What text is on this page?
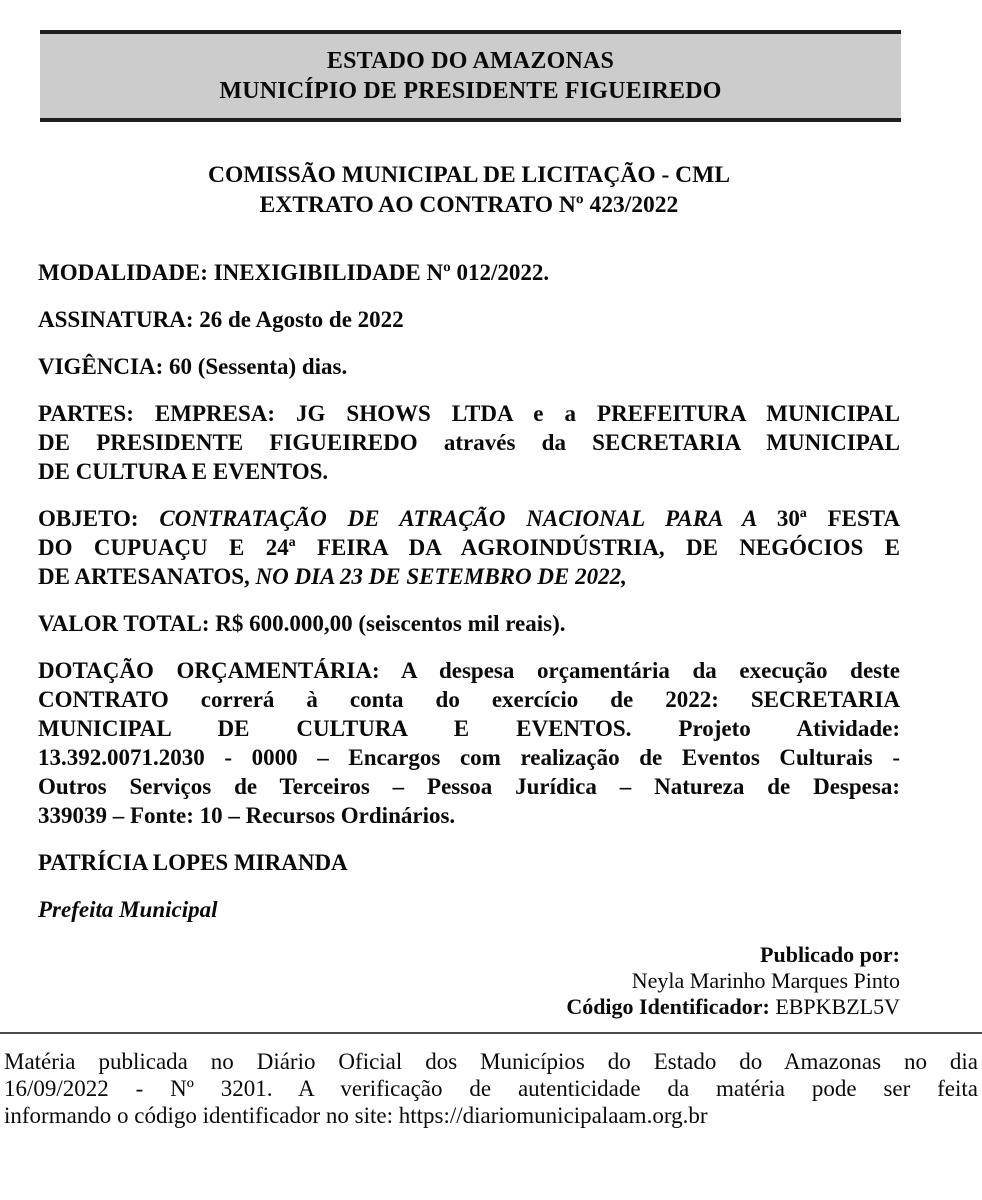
ESTADO DO AMAZONAS
MUNICÍPIO DE PRESIDENTE FIGUEIREDO
COMISSÃO MUNICIPAL DE LICITAÇÃO - CML
EXTRATO AO CONTRATO Nº 423/2022

MODALIDADE: INEXIGIBILIDADE Nº 012/2022.

ASSINATURA: 26 de Agosto de 2022

VIGÊNCIA: 60 (Sessenta) dias.

PARTES: EMPRESA: JG SHOWS LTDA e a PREFEITURA MUNICIPAL
DE PRESIDENTE FIGUEIREDO através da SECRETARIA MUNICIPAL
DE CULTURA E EVENTOS.
OBJETO: CONTRATAÇÃO DE ATRAÇÃO NACIONAL PARA A 30ª FESTA
DO CUPUAÇU E 24ª FEIRA DA AGROINDÚSTRIA, DE NEGÓCIOS E
DE ARTESANATOS, NO DIA 23 DE SETEMBRO DE 2022,

VALOR TOTAL: R$ 600.000,00 (seiscentos mil reais).

DOTAÇÃO ORÇAMENTÁRIA: A despesa orçamentária da execução deste
CONTRATO correrá à conta do exercício de 2022: SECRETARIA
MUNICIPAL DE CULTURA E EVENTOS. Projeto Atividade:
13.392.0071.2030 - 0000 – Encargos com realização de Eventos Culturais -
Outros Serviços de Terceiros – Pessoa Jurídica – Natureza de Despesa:
339039 – Fonte: 10 – Recursos Ordinários.

PATRÍCIA LOPES MIRANDA

Prefeita Municipal

Publicado por:
Neyla Marinho Marques Pinto
Código Identificador: EBPKBZL5V
Matéria publicada no Diário Oficial dos Municípios do Estado do Amazonas no dia
16/09/2022 - Nº 3201. A verificação de autenticidade da matéria pode ser feita
informando o código identificador no site: https://diariomunicipalaam.org.br
